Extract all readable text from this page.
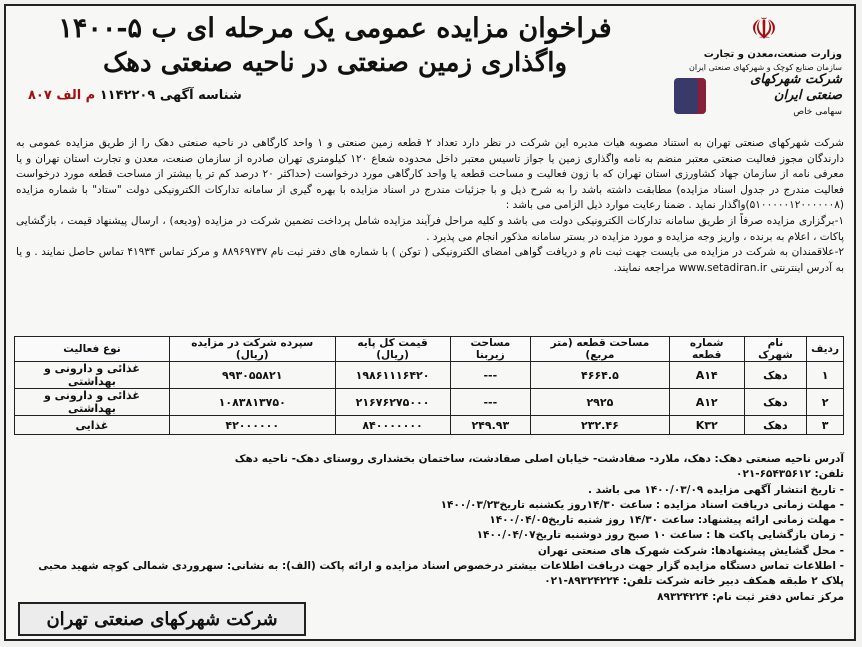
☫
وزارت صنعت،معدن و تجارت
سازمان صنایع کوچک و شهرکهای صنعتی ایران
شرکت شهرکهای صنعتی ایران
سهامی خاص
فراخوان مزایده عمومی یک مرحله ای ب ۵-۱۴۰۰
واگذاری زمین صنعتی در ناحیه صنعتی دهک
شناسه آگهی ۱۱۴۲۲۰۹ م الف ۸۰۷

شرکت شهرکهای صنعتی تهران به استناد مصوبه هیات مدیره این شرکت در نظر دارد تعداد ۲ قطعه زمین صنعتی و ۱ واحد کارگاهی در ناحیه صنعتی دهک را از طریق مزایده عمومی به دارندگان مجوز فعالیت صنعتی معتبر منضم به نامه واگذاری زمین یا جواز تاسیس معتبر داخل محدوده شعاع ۱۲۰ کیلومتری تهران صادره از سازمان صنعت، معدن و تجارت استان تهران و یا معرفی نامه از سازمان جهاد کشاورزی استان تهران که با زون فعالیت و مساحت قطعه یا واحد کارگاهی مورد درخواست (حداکثر ۲۰ درصد کم تر یا بیشتر از مساحت قطعه مورد درخواست فعالیت مندرج در جدول اسناد مزایده) مطابقت داشته باشد را به شرح ذیل و با جزئیات مندرج در اسناد مزایده با بهره گیری از سامانه تدارکات الکترونیکی دولت "ستاد" با شماره مزایده (۵۱۰۰۰۰۰۱۲۰۰۰۰۰۰۸)واگذار نماید . ضمنا رعایت موارد ذیل الزامی می باشد :

۱-برگزاری مزایده صرفاً از طریق سامانه تدارکات الکترونیکی دولت می باشد و کلیه مراحل فرآیند مزایده شامل پرداخت تضمین شرکت در مزایده (ودیعه) ، ارسال پیشنهاد قیمت ، بازگشایی پاکات ، اعلام به برنده ، واریز وجه مزایده و مورد مزایده در بستر سامانه مذکور انجام می پذیرد .

۲-علاقمندان به شرکت در مزایده می بایست جهت ثبت نام و دریافت گواهی امضای الکترونیکی ( توکن ) با شماره های دفتر ثبت نام ۸۸۹۶۹۷۳۷ و مرکز تماس ۴۱۹۳۴ تماس حاصل نمایند . و یا به آدرس اینترنتی www.setadiran.ir مراجعه نمایند.

ردیف	نام شهرک	شماره قطعه	مساحت قطعه (متر مربع)	مساحت زیربنا	قیمت کل پایه (ریال)	سپرده شرکت در مزایده (ریال)	نوع فعالیت
۱	دهک	A۱۴	۴۶۶۴.۵	---	۱۹۸۶۱۱۱۶۴۲۰	۹۹۳۰۵۵۸۲۱	غذائی و دارونی و بهداشتی
۲	دهک	A۱۲	۲۹۲۵	---	۲۱۶۷۶۲۷۵۰۰۰	۱۰۸۳۸۱۳۷۵۰	غذائی و دارونی و بهداشتی
۳	دهک	K۳۲	۲۳۲.۴۶	۲۴۹.۹۳	۸۴۰۰۰۰۰۰۰	۴۲۰۰۰۰۰۰	غذایی

آدرس ناحیه صنعتی دهک: دهک، ملارد- صفادشت- خیابان اصلی صفادشت، ساختمان بخشداری روستای دهک- ناحیه دهک

تلفن: ۶۵۴۳۵۶۱۲-۰۲۱

- تاریخ انتشار آگهی مزایده ۱۴۰۰/۰۳/۰۹ می باشد .

- مهلت زمانی دریافت اسناد مزایده : ساعت ۱۴/۳۰روز یکشنبه تاریخ۱۴۰۰/۰۳/۲۳

- مهلت زمانی ارائه پیشنهاد: ساعت ۱۴/۳۰ روز شنبه تاریخ۱۴۰۰/۰۴/۰۵

- زمان بازگشایی پاکت ها : ساعت ۱۰ صبح روز دوشنبه تاریخ۱۴۰۰/۰۴/۰۷

- محل گشایش پیشنهادها: شرکت شهرک های صنعتی تهران

- اطلاعات تماس دستگاه مزایده گزار جهت دریافت اطلاعات بیشتر درخصوص اسناد مزایده و ارائه پاکت (الف): به نشانی: سهروردی شمالی کوچه شهید محبی

پلاک ۲ طبقه همکف دبیر خانه شرکت تلفن: ۸۹۳۲۴۲۲۴-۰۲۱

مرکز تماس دفتر ثبت نام: ۸۹۳۲۴۲۲۴

شرکت شهرکهای صنعتی تهران
